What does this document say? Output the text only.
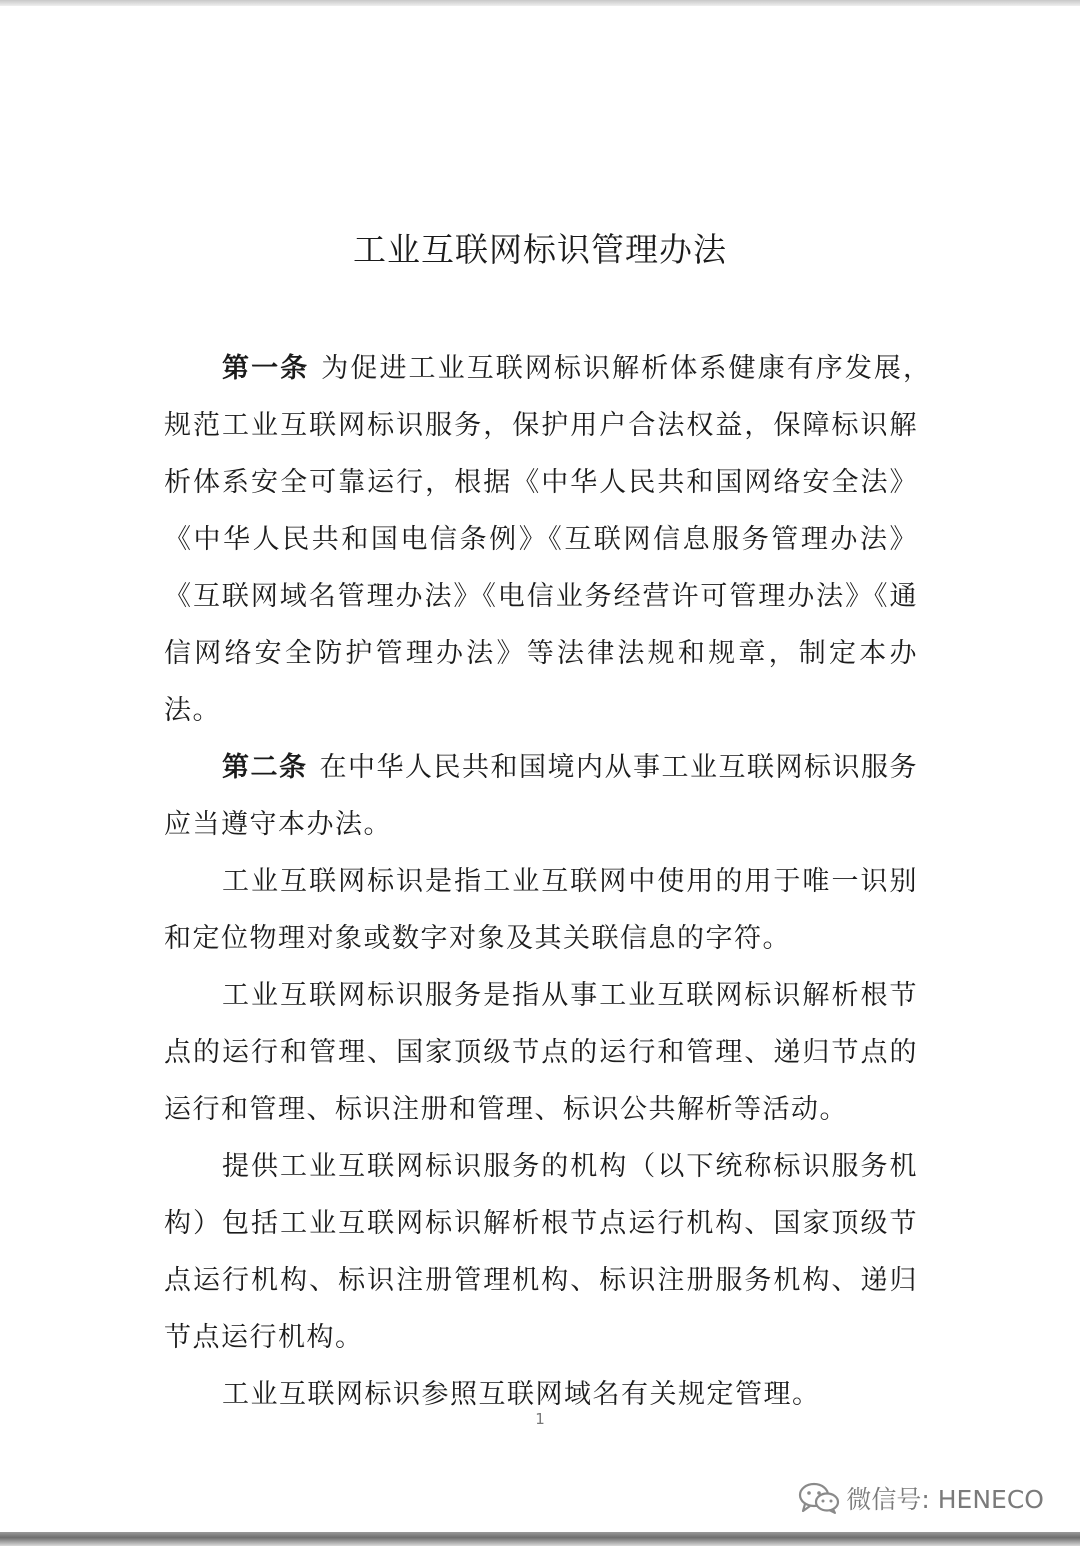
工业互联网标识管理办法

第一条 为促进工业互联网标识解析体系健康有序发展，　规范工业互联网标识服务，保护用户合法权益，保障标识解析体系安全可靠运行，根据《中华人民共和国网络安全法》《中华人民共和国电信条例》《互联网信息服务管理办法》《互联网域名管理办法》《电信业务经营许可管理办法》《通信网络安全防护管理办法》等法律法规和规章，制定本办法。

第二条 在中华人民共和国境内从事工业互联网标识服务应当遵守本办法。

工业互联网标识是指工业互联网中使用的用于唯一识别和定位物理对象或数字对象及其关联信息的字符。

工业互联网标识服务是指从事工业互联网标识解析根节点的运行和管理、国家顶级节点的运行和管理、递归节点的运行和管理、标识注册和管理、标识公共解析等活动。

提供工业互联网标识服务的机构（以下统称标识服务机构）包括工业互联网标识解析根节点运行机构、国家顶级节点运行机构、标识注册管理机构、标识注册服务机构、递归节点运行机构。

工业互联网标识参照互联网域名有关规定管理。

1
微信号: HENECO
